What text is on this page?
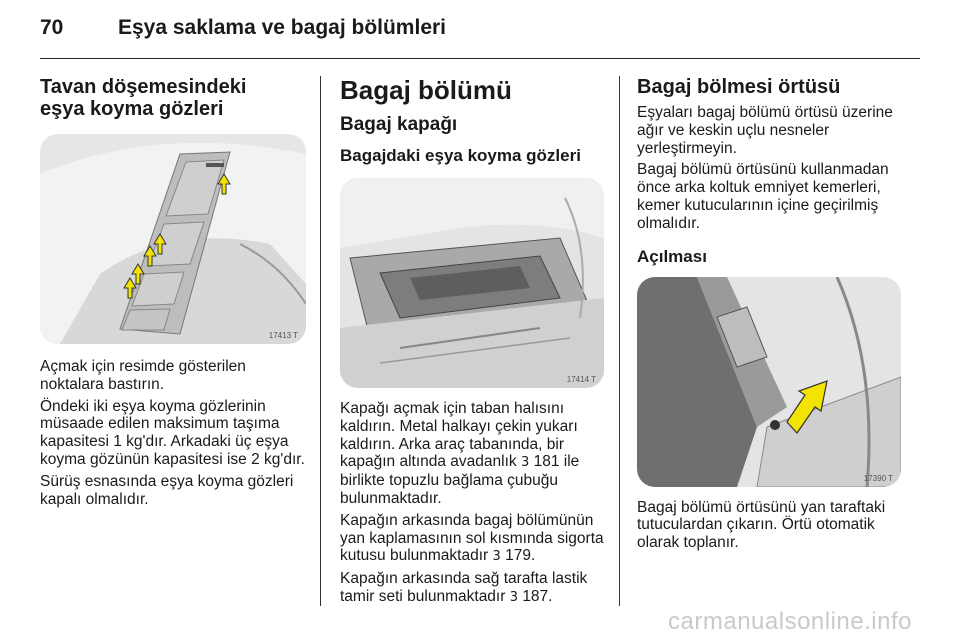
70	Eşya saklama ve bagaj bölümleri
Tavan döşemesindeki eşya koyma gözleri
17413 T

Açmak için resimde gösterilen noktalara bastırın.

Öndeki iki eşya koyma gözlerinin müsaade edilen maksimum taşıma kapasitesi 1 kg'dır. Arkadaki üç eşya koyma gözünün kapasitesi ise 2 kg'dır.

Sürüş esnasında eşya koyma gözleri kapalı olmalıdır.

Bagaj bölümü
Bagaj kapağı
Bagajdaki eşya koyma gözleri
17414 T

Kapağı açmak için taban halısını kaldırın. Metal halkayı çekin yukarı kaldırın. Arka araç tabanında, bir kapağın altında avadanlık 3 181 ile birlikte topuzlu bağlama çubuğu bulunmaktadır.

Kapağın arkasında bagaj bölümünün yan kaplamasının sol kısmında sigorta kutusu bulunmaktadır 3 179.

Kapağın arkasında sağ tarafta lastik tamir seti bulunmaktadır 3 187.

Bagaj bölmesi örtüsü

Eşyaları bagaj bölümü örtüsü üzerine ağır ve keskin uçlu nesneler yerleştirmeyin.

Bagaj bölümü örtüsünü kullanmadan önce arka koltuk emniyet kemerleri, kemer kutucularının içine geçirilmiş olmalıdır.

Açılması
17390 T

Bagaj bölümü örtüsünü yan taraftaki tutuculardan çıkarın. Örtü otomatik olarak toplanır.

carmanualsonline.info
